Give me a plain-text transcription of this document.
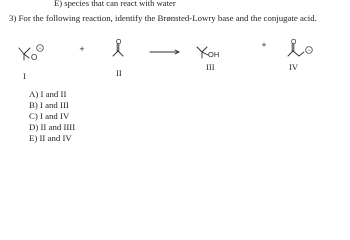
E) species that can react with water
3) For the following reaction, identify the Brønsted-Lowry base and the conjugate acid.
O
−
O
OH
O
−
+	+
I	II
III	IV
A) I and II
B) I and III
C) I and IV
D) II and IIII
E) II and IV
